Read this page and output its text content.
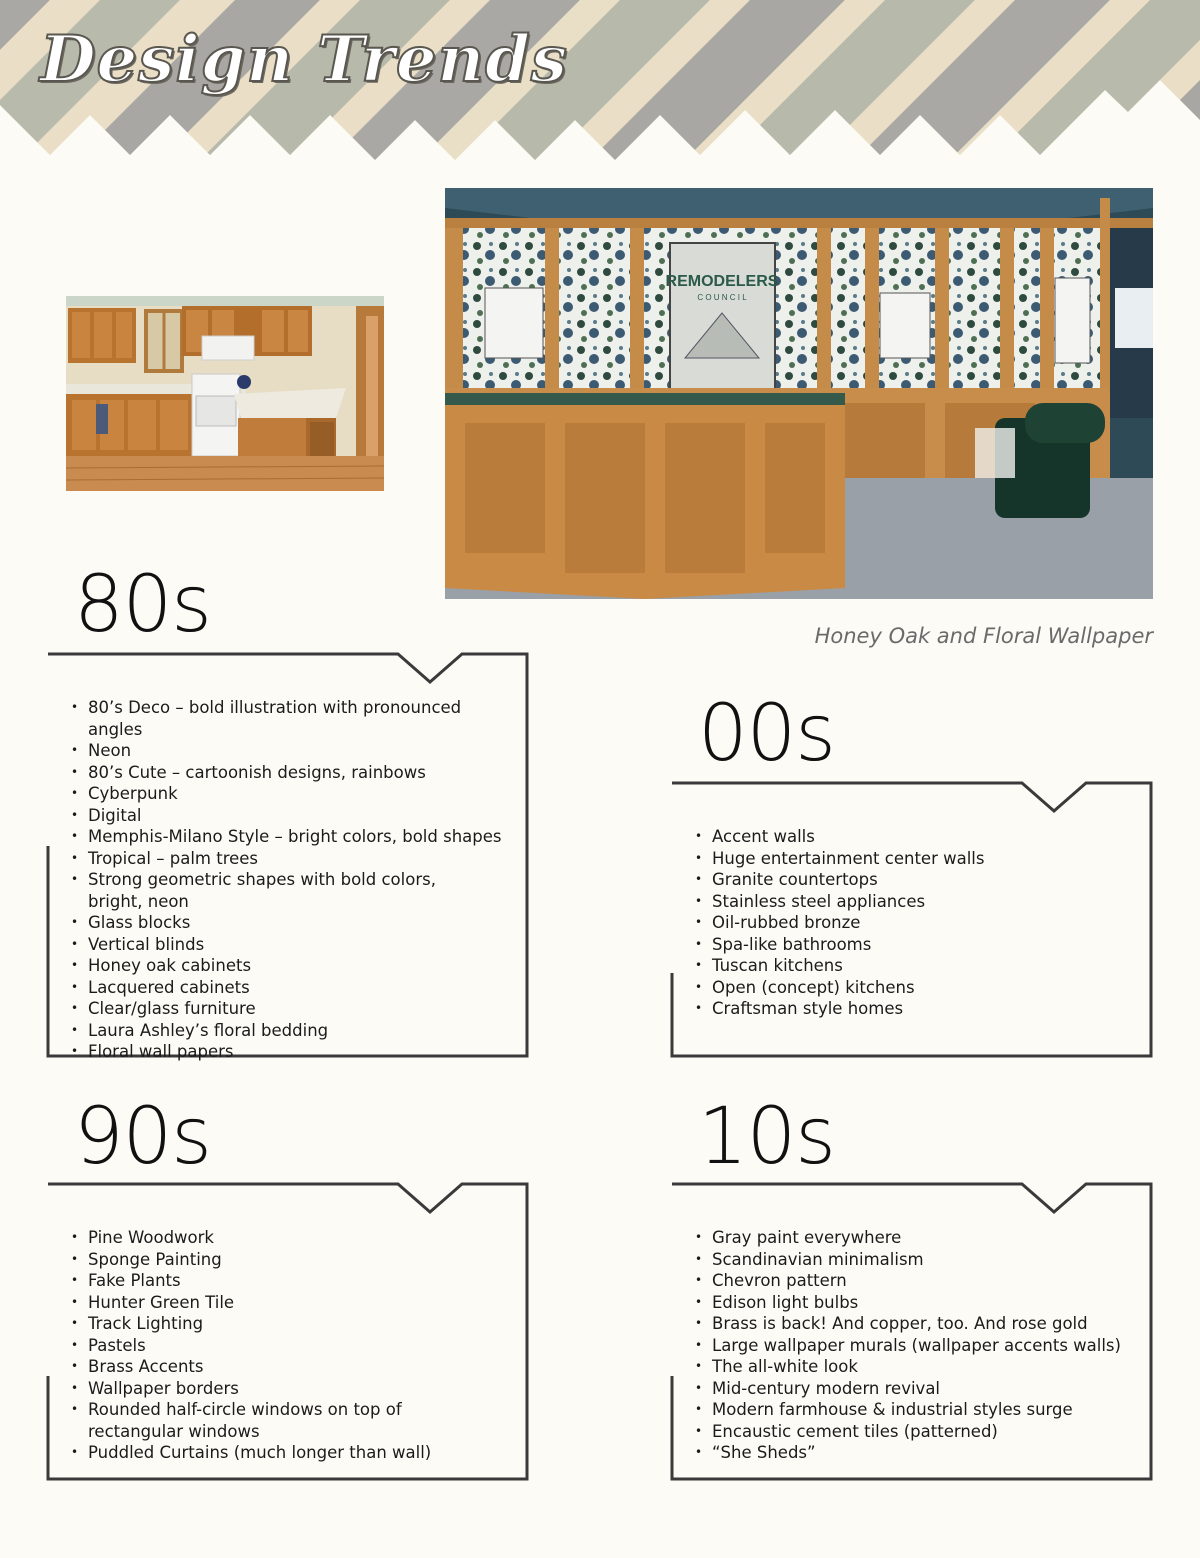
Design Trends
REMODELERS
C O U N C I L
Honey Oak and Floral Wallpaper
80s
• 80’s Deco – bold illustration with pronounced angles
• Neon
• 80’s Cute – cartoonish designs, rainbows
• Cyberpunk
• Digital
• Memphis-Milano Style – bright colors, bold shapes
• Tropical – palm trees
• Strong geometric shapes with bold colors, bright, neon
• Glass blocks
• Vertical blinds
• Honey oak cabinets
• Lacquered cabinets
• Clear/glass furniture
• Laura Ashley’s floral bedding
• Floral wall papers
00s
• Accent walls
• Huge entertainment center walls
• Granite countertops
• Stainless steel appliances
• Oil-rubbed bronze
• Spa-like bathrooms
• Tuscan kitchens
• Open (concept) kitchens
• Craftsman style homes
90s
• Pine Woodwork
• Sponge Painting
• Fake Plants
• Hunter Green Tile
• Track Lighting
• Pastels
• Brass Accents
• Wallpaper borders
• Rounded half-circle windows on top of rectangular windows
• Puddled Curtains (much longer than wall)
10s
• Gray paint everywhere
• Scandinavian minimalism
• Chevron pattern
• Edison light bulbs
• Brass is back! And copper, too. And rose gold
• Large wallpaper murals (wallpaper accents walls)
• The all-white look
• Mid-century modern revival
• Modern farmhouse & industrial styles surge
• Encaustic cement tiles (patterned)
• “She Sheds”
